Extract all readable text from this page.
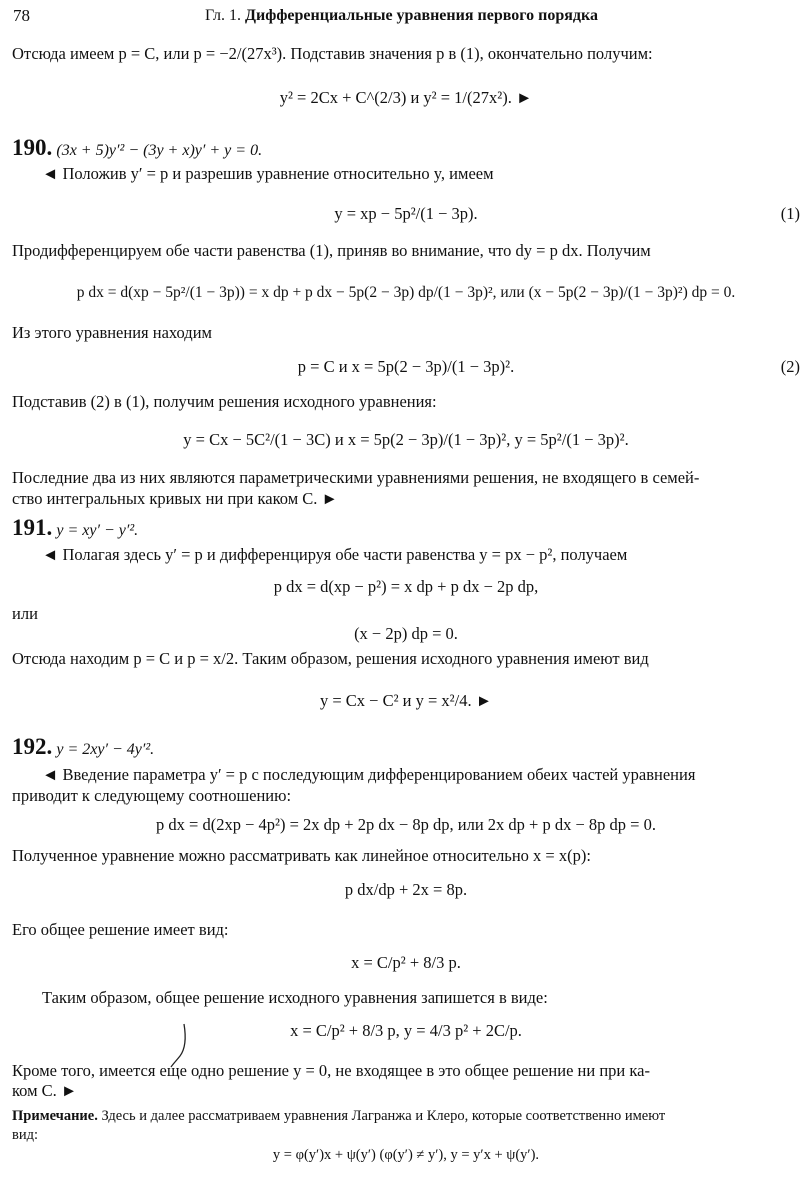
78	Гл. 1. Дифференциальные уравнения первого порядка
Отсюда имеем p = C, или p = −2/(27x³). Подставив значения p в (1), окончательно получим:
y² = 2Cx + C^(2/3) и y² = 1/(27x²). ►
190. (3x + 5)y′² − (3y + x)y′ + y = 0.
◄ Положив y′ = p и разрешив уравнение относительно y, имеем
y = xp − 5p²/(1 − 3p).	(1)
Продифференцируем обе части равенства (1), приняв во внимание, что dy = p dx. Получим
p dx = d(xp − 5p²/(1 − 3p)) = x dp + p dx − 5p(2 − 3p) dp/(1 − 3p)², или (x − 5p(2 − 3p)/(1 − 3p)²) dp = 0.
Из этого уравнения находим
p = C и x = 5p(2 − 3p)/(1 − 3p)².	(2)
Подставив (2) в (1), получим решения исходного уравнения:
y = Cx − 5C²/(1 − 3C) и x = 5p(2 − 3p)/(1 − 3p)², y = 5p²/(1 − 3p)².
Последние два из них являются параметрическими уравнениями решения, не входящего в семей-
ство интегральных кривых ни при каком C. ►
191. y = xy′ − y′².
◄ Полагая здесь y′ = p и дифференцируя обе части равенства y = px − p², получаем
p dx = d(xp − p²) = x dp + p dx − 2p dp,
или
(x − 2p) dp = 0.
Отсюда находим p = C и p = x/2. Таким образом, решения исходного уравнения имеют вид
y = Cx − C² и y = x²/4. ►
192. y = 2xy′ − 4y′².
◄ Введение параметра y′ = p с последующим дифференцированием обеих частей уравнения
приводит к следующему соотношению:
p dx = d(2xp − 4p²) = 2x dp + 2p dx − 8p dp, или 2x dp + p dx − 8p dp = 0.
Полученное уравнение можно рассматривать как линейное относительно x = x(p):
p dx/dp + 2x = 8p.
Его общее решение имеет вид:
x = C/p² + 8/3 p.
Таким образом, общее решение исходного уравнения запишется в виде:
x = C/p² + 8/3 p, y = 4/3 p² + 2C/p.
Кроме того, имеется еще одно решение y = 0, не входящее в это общее решение ни при ка-
ком C. ►
Примечание. Здесь и далее рассматриваем уравнения Лагранжа и Клеро, которые соответственно имеют
вид:
y = φ(y′)x + ψ(y′) (φ(y′) ≠ y′), y = y′x + ψ(y′).
